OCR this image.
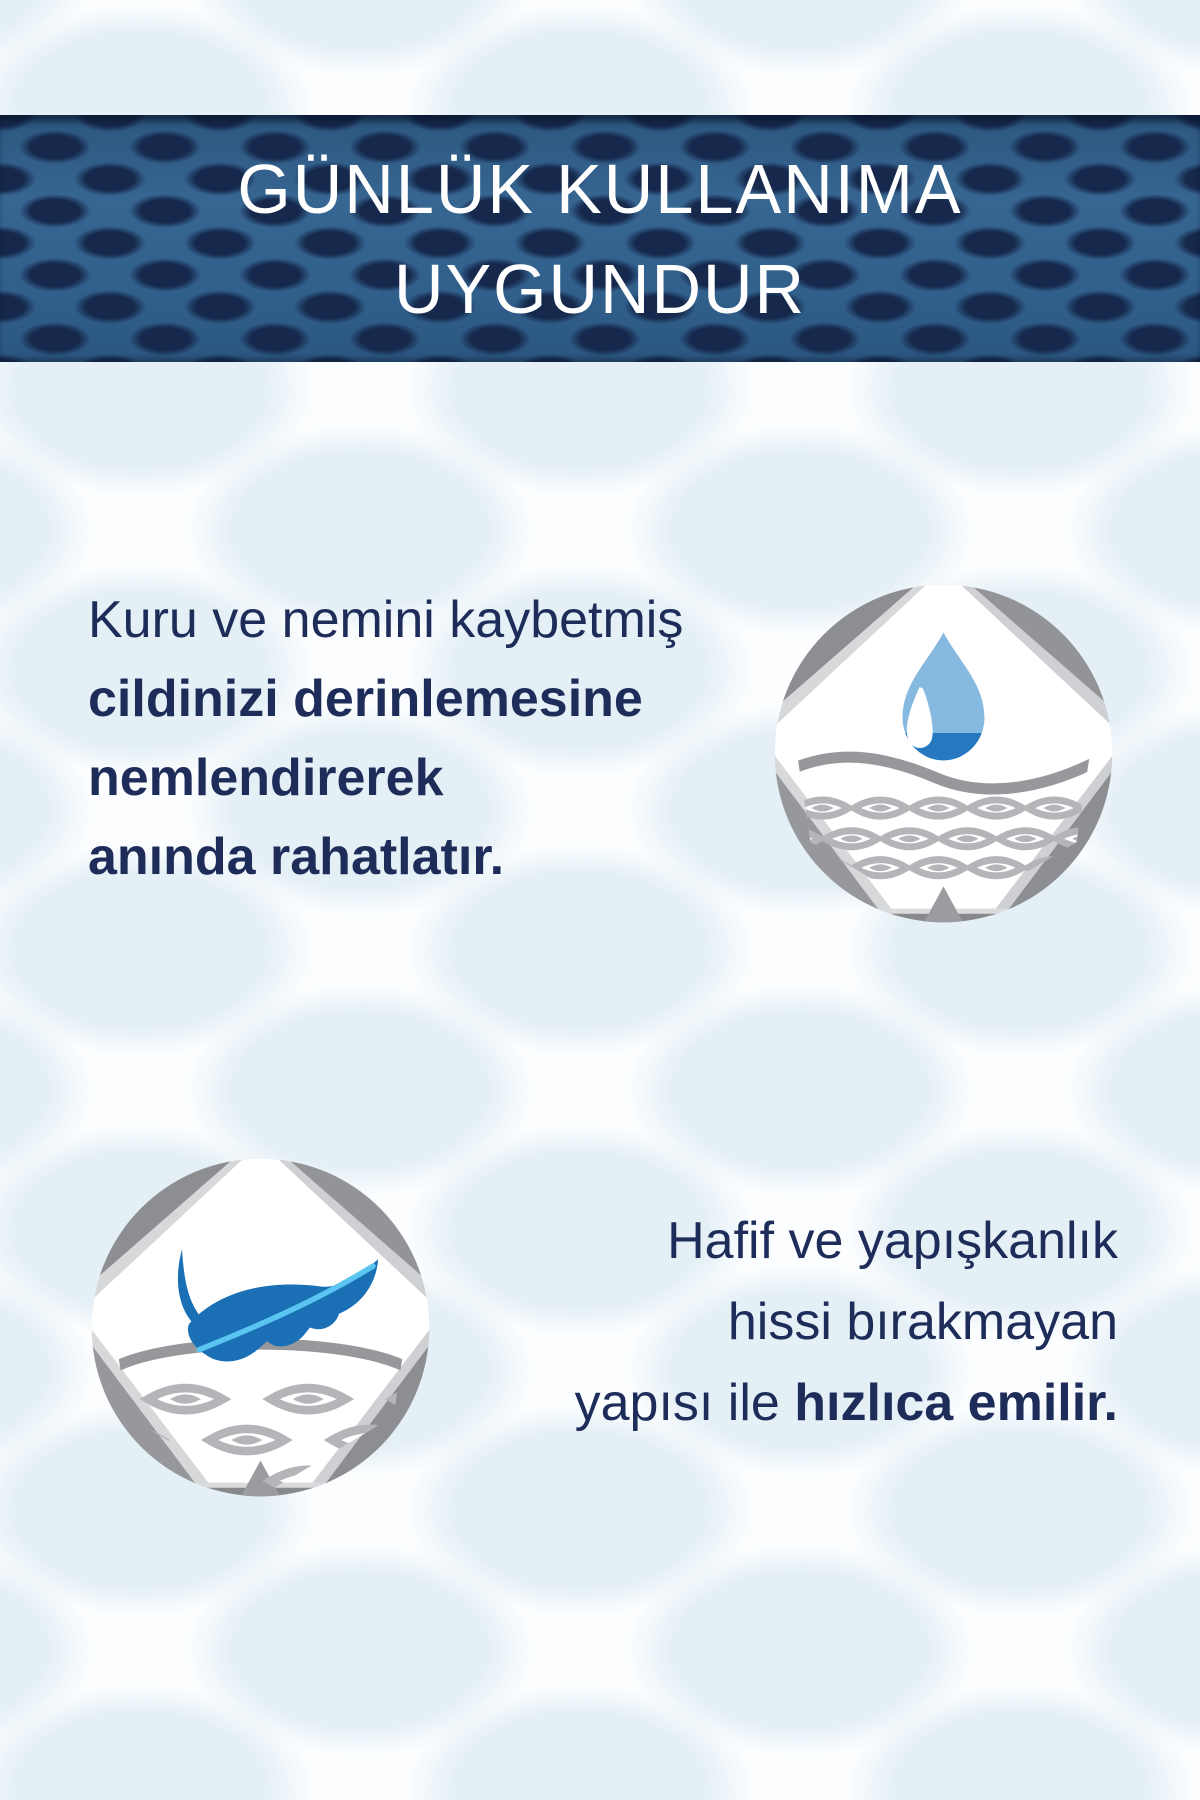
GÜNLÜK KULLANIMA
UYGUNDUR
Kuru ve nemini kaybetmiş
cildinizi derinlemesine
nemlendirerek
anında rahatlatır.
Hafif ve yapışkanlık
hissi bırakmayan
yapısı ile hızlıca emilir.
